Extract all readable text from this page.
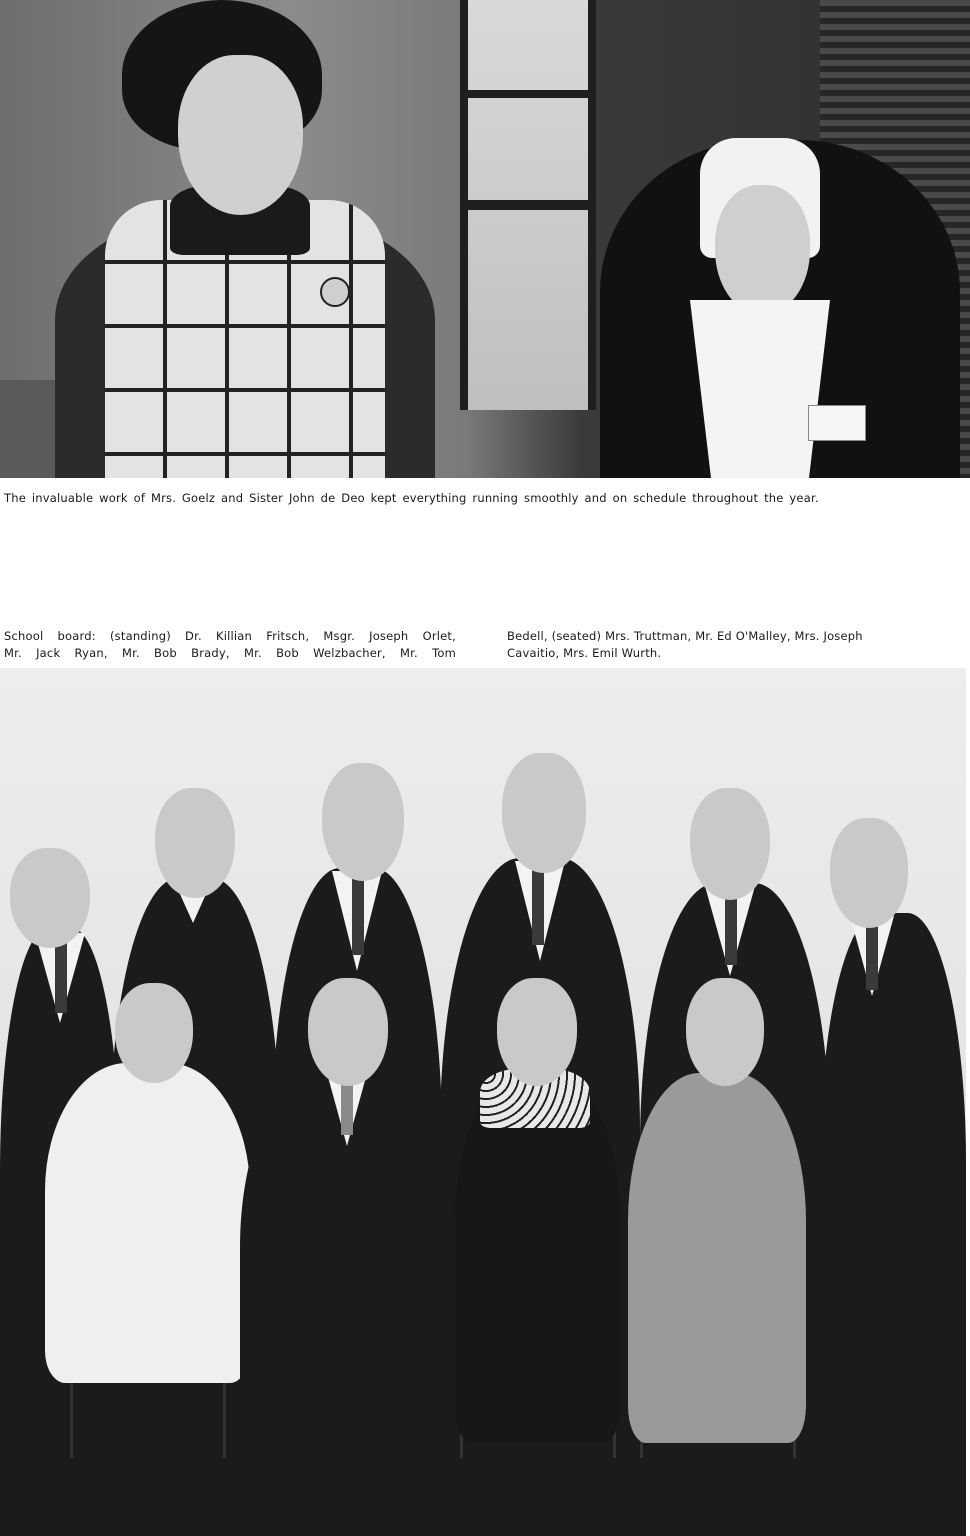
The invaluable work of Mrs. Goelz and Sister John de Deo kept everything running smoothly and on schedule throughout the year.

School board: (standing) Dr. Killian Fritsch, Msgr. Joseph Orlet,
Mr. Jack Ryan, Mr. Bob Brady, Mr. Bob Welzbacher, Mr. Tom

Bedell, (seated) Mrs. Truttman, Mr. Ed O'Malley, Mrs. Joseph
Cavaitio, Mrs. Emil Wurth.
